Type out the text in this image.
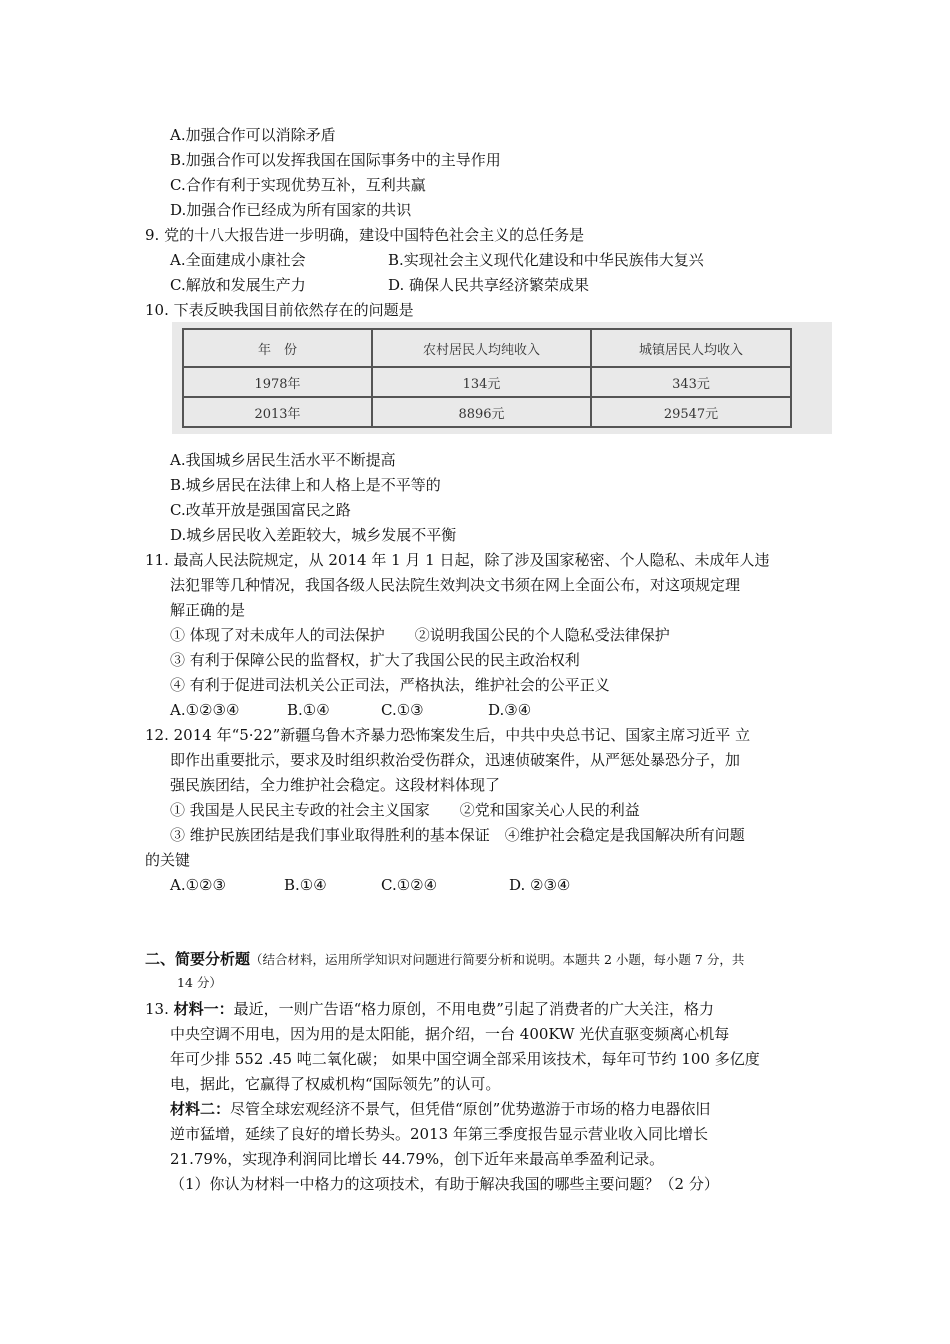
A.加强合作可以消除矛盾
B.加强合作可以发挥我国在国际事务中的主导作用
C.合作有利于实现优势互补，互利共赢
D.加强合作已经成为所有国家的共识
9. 党的十八大报告进一步明确，建设中国特色社会主义的总任务是
A.全面建成小康社会	B.实现社会主义现代化建设和中华民族伟大复兴
C.解放和发展生产力	D. 确保人民共享经济繁荣成果
10. 下表反映我国目前依然存在的问题是
年　份	农村居民人均纯收入	城镇居民人均收入
1978年	134元	343元
2013年	8896元	29547元
A.我国城乡居民生活水平不断提高
B.城乡居民在法律上和人格上是不平等的
C.改革开放是强国富民之路
D.城乡居民收入差距较大，城乡发展不平衡
11. 最高人民法院规定，从 2014 年 1 月 1 日起，除了涉及国家秘密、个人隐私、未成年人违
法犯罪等几种情况，我国各级人民法院生效判决文书须在网上全面公布，对这项规定理
解正确的是
① 体现了对未成年人的司法保护　　②说明我国公民的个人隐私受法律保护
③ 有利于保障公民的监督权，扩大了我国公民的民主政治权利
④ 有利于促进司法机关公正司法，严格执法，维护社会的公平正义
A.①②③④	B.①④	C.①③	D.③④
12. 2014 年“5·22”新疆乌鲁木齐暴力恐怖案发生后，中共中央总书记、国家主席习近平 立
即作出重要批示，要求及时组织救治受伤群众，迅速侦破案件，从严惩处暴恐分子，加
强民族团结，全力维护社会稳定。这段材料体现了
① 我国是人民民主专政的社会主义国家　　②党和国家关心人民的利益
③ 维护民族团结是我们事业取得胜利的基本保证　④维护社会稳定是我国解决所有问题
的关键
A.①②③	B.①④	C.①②④	D. ②③④
二、简要分析题（结合材料，运用所学知识对问题进行简要分析和说明。本题共 2 小题，每小题 7 分，共
14 分）
13. 材料一：最近，一则广告语“格力原创，不用电费”引起了消费者的广大关注，格力
中央空调不用电，因为用的是太阳能，据介绍，一台 400KW 光伏直驱变频离心机每
年可少排 552 .45 吨二氧化碳； 如果中国空调全部采用该技术，每年可节约 100 多亿度
电，据此，它赢得了权威机构“国际领先”的认可。
材料二：尽管全球宏观经济不景气，但凭借“原创”优势遨游于市场的格力电器依旧
逆市猛增，延续了良好的增长势头。2013 年第三季度报告显示营业收入同比增长
21.79%，实现净利润同比增长 44.79%，创下近年来最高单季盈利记录。
（1）你认为材料一中格力的这项技术，有助于解决我国的哪些主要问题？（2 分）
